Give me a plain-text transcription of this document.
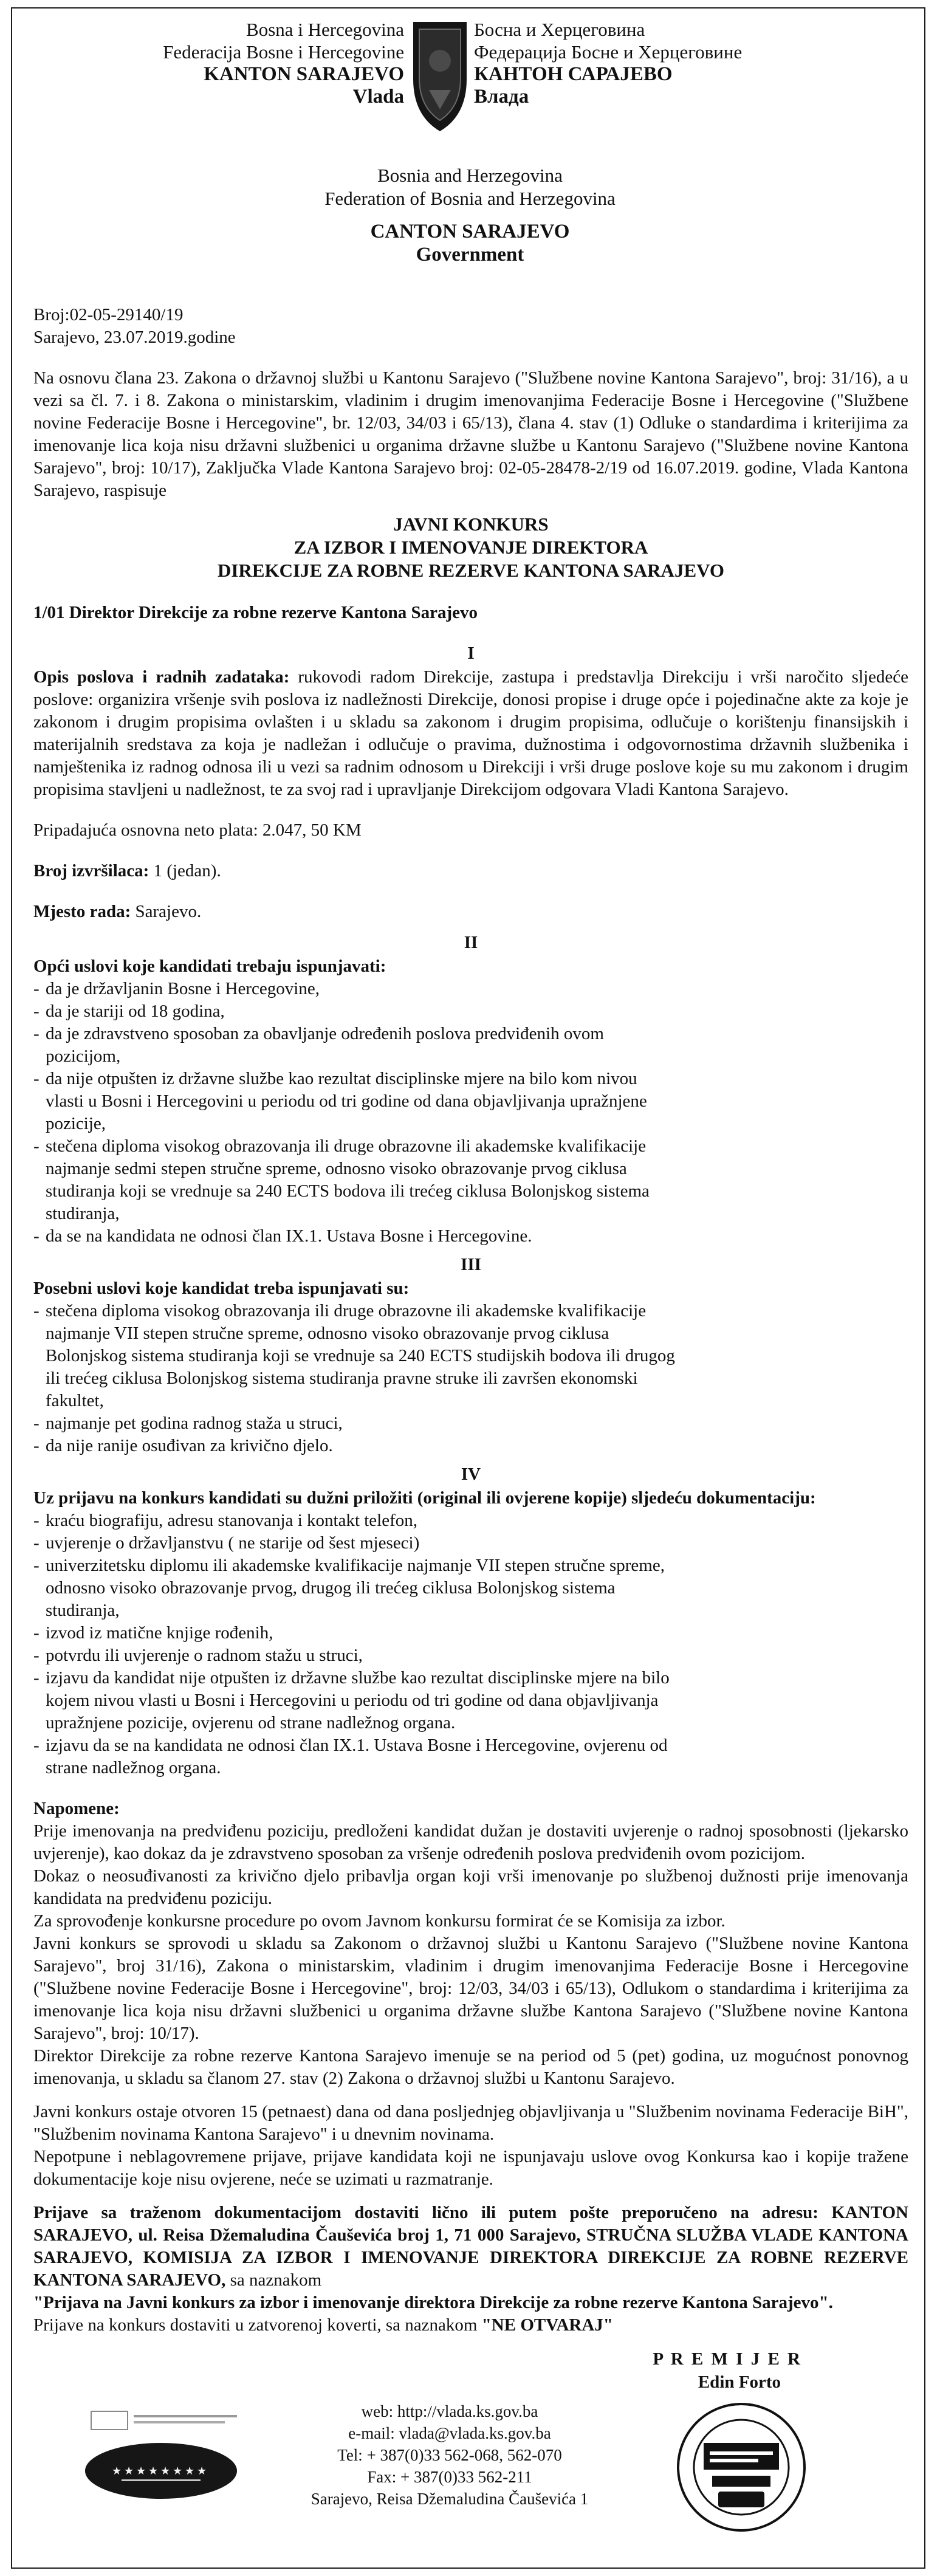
Bosna i Hercegovina
Federacija Bosne i Hercegovine
KANTON SARAJEVO
Vlada
Босна и Херцеговина
Федерација Босне и Херцеговине
КАНТОН САРАЈЕВО
Влада
Bosnia and Herzegovina
Federation of Bosnia and Herzegovina
CANTON SARAJEVO
Government
Broj:02-05-29140/19
Sarajevo, 23.07.2019.godine

Na osnovu člana 23. Zakona o državnoj službi u Kantonu Sarajevo ("Službene novine Kantona Sarajevo", broj: 31/16), a u vezi sa čl. 7. i 8. Zakona o ministarskim, vladinim i drugim imenovanjima Federacije Bosne i Hercegovine ("Službene novine Federacije Bosne i Hercegovine", br. 12/03, 34/03 i 65/13), člana 4. stav (1) Odluke o standardima i kriterijima za imenovanje lica koja nisu državni službenici u organima državne službe u Kantonu Sarajevo ("Službene novine Kantona Sarajevo", broj: 10/17), Zaključka Vlade Kantona Sarajevo broj: 02-05-28478-2/19 od 16.07.2019. godine, Vlada Kantona Sarajevo, raspisuje

JAVNI KONKURS
ZA IZBOR I IMENOVANJE DIREKTORA
DIREKCIJE ZA ROBNE REZERVE KANTONA SARAJEVO

1/01 Direktor Direkcije za robne rezerve Kantona Sarajevo

I

Opis poslova i radnih zadataka: rukovodi radom Direkcije, zastupa i predstavlja Direkciju i vrši naročito sljedeće poslove: organizira vršenje svih poslova iz nadležnosti Direkcije, donosi propise i druge opće i pojedinačne akte za koje je zakonom i drugim propisima ovlašten i u skladu sa zakonom i drugim propisima, odlučuje o korištenju finansijskih i materijalnih sredstava za koja je nadležan i odlučuje o pravima, dužnostima i odgovornostima državnih službenika i namještenika iz radnog odnosa ili u vezi sa radnim odnosom u Direkciji i vrši druge poslove koje su mu zakonom i drugim propisima stavljeni u nadležnost, te za svoj rad i upravljanje Direkcijom odgovara Vladi Kantona Sarajevo.

Pripadajuća osnovna neto plata: 2.047, 50 KM

Broj izvršilaca: 1 (jedan).

Mjesto rada: Sarajevo.

II
Opći uslovi koje kandidati trebaju ispunjavati:
- da je državljanin Bosne i Hercegovine,
- da je stariji od 18 godina,
- da je zdravstveno sposoban za obavljanje određenih poslova predviđenih ovom pozicijom,
- da nije otpušten iz državne službe kao rezultat disciplinske mjere na bilo kom nivou vlasti u Bosni i Hercegovini u periodu od tri godine od dana objavljivanja upražnjene pozicije,
- stečena diploma visokog obrazovanja ili druge obrazovne ili akademske kvalifikacije najmanje sedmi stepen stručne spreme, odnosno visoko obrazovanje prvog ciklusa studiranja koji se vrednuje sa 240 ECTS bodova ili trećeg ciklusa Bolonjskog sistema studiranja,
- da se na kandidata ne odnosi član IX.1. Ustava Bosne i Hercegovine.
III
Posebni uslovi koje kandidat treba ispunjavati su:
- stečena diploma visokog obrazovanja ili druge obrazovne ili akademske kvalifikacije najmanje VII stepen stručne spreme, odnosno visoko obrazovanje prvog ciklusa Bolonjskog sistema studiranja koji se vrednuje sa 240 ECTS studijskih bodova ili drugog ili trećeg ciklusa Bolonjskog sistema studiranja pravne struke ili završen ekonomski fakultet,
- najmanje pet godina radnog staža u struci,
- da nije ranije osuđivan za krivično djelo.
IV
Uz prijavu na konkurs kandidati su dužni priložiti (original ili ovjerene kopije) sljedeću dokumentaciju:
- kraću biografiju, adresu stanovanja i kontakt telefon,
- uvjerenje o državljanstvu ( ne starije od šest mjeseci)
- univerzitetsku diplomu ili akademske kvalifikacije najmanje VII stepen stručne spreme, odnosno visoko obrazovanje prvog, drugog ili trećeg ciklusa Bolonjskog sistema studiranja,
- izvod iz matične knjige rođenih,
- potvrdu ili uvjerenje o radnom stažu u struci,
- izjavu da kandidat nije otpušten iz državne službe kao rezultat disciplinske mjere na bilo kojem nivou vlasti u Bosni i Hercegovini u periodu od tri godine od dana objavljivanja upražnjene pozicije, ovjerenu od strane nadležnog organa.
- izjavu da se na kandidata ne odnosi član IX.1. Ustava Bosne i Hercegovine, ovjerenu od strane nadležnog organa.
Napomene:
Prije imenovanja na predviđenu poziciju, predloženi kandidat dužan je dostaviti uvjerenje o radnoj sposobnosti (ljekarsko uvjerenje), kao dokaz da je zdravstveno sposoban za vršenje određenih poslova predviđenih ovom pozicijom.
Dokaz o neosuđivanosti za krivično djelo pribavlja organ koji vrši imenovanje po službenoj dužnosti prije imenovanja kandidata na predviđenu poziciju.
Za sprovođenje konkursne procedure po ovom Javnom konkursu formirat će se Komisija za izbor.
Javni konkurs se sprovodi u skladu sa Zakonom o državnoj službi u Kantonu Sarajevo ("Službene novine Kantona Sarajevo", broj 31/16), Zakona o ministarskim, vladinim i drugim imenovanjima Federacije Bosne i Hercegovine ("Službene novine Federacije Bosne i Hercegovine", broj: 12/03, 34/03 i 65/13), Odlukom o standardima i kriterijima za imenovanje lica koja nisu državni službenici u organima državne službe Kantona Sarajevo ("Službene novine Kantona Sarajevo", broj: 10/17).
Direktor Direkcije za robne rezerve Kantona Sarajevo imenuje se na period od 5 (pet) godina, uz mogućnost ponovnog imenovanja, u skladu sa članom 27. stav (2) Zakona o državnoj službi u Kantonu Sarajevo.
Javni konkurs ostaje otvoren 15 (petnaest) dana od dana posljednjeg objavljivanja u "Službenim novinama Federacije BiH", "Službenim novinama Kantona Sarajevo" i u dnevnim novinama.
Nepotpune i neblagovremene prijave, prijave kandidata koji ne ispunjavaju uslove ovog Konkursa kao i kopije tražene dokumentacije koje nisu ovjerene, neće se uzimati u razmatranje.
Prijave sa traženom dokumentacijom dostaviti lično ili putem pošte preporučeno na adresu: KANTON SARAJEVO, ul. Reisa Džemaludina Čauševića broj 1, 71 000 Sarajevo, STRUČNA SLUŽBA VLADE KANTONA SARAJEVO, KOMISIJA ZA IZBOR I IMENOVANJE DIREKTORA DIREKCIJE ZA ROBNE REZERVE KANTONA SARAJEVO, sa naznakom
"Prijava na Javni konkurs za izbor i imenovanje direktora Direkcije za robne rezerve Kantona Sarajevo".
Prijave na konkurs dostaviti u zatvorenoj koverti, sa naznakom "NE OTVARAJ"
P R E M I J E R
Edin Forto
★ ★ ★ ★ ★ ★ ★ ★
web: http://vlada.ks.gov.ba
e-mail: vlada@vlada.ks.gov.ba
Tel: + 387(0)33 562-068, 562-070
Fax: + 387(0)33 562-211
Sarajevo, Reisa Džemaludina Čauševića 1
